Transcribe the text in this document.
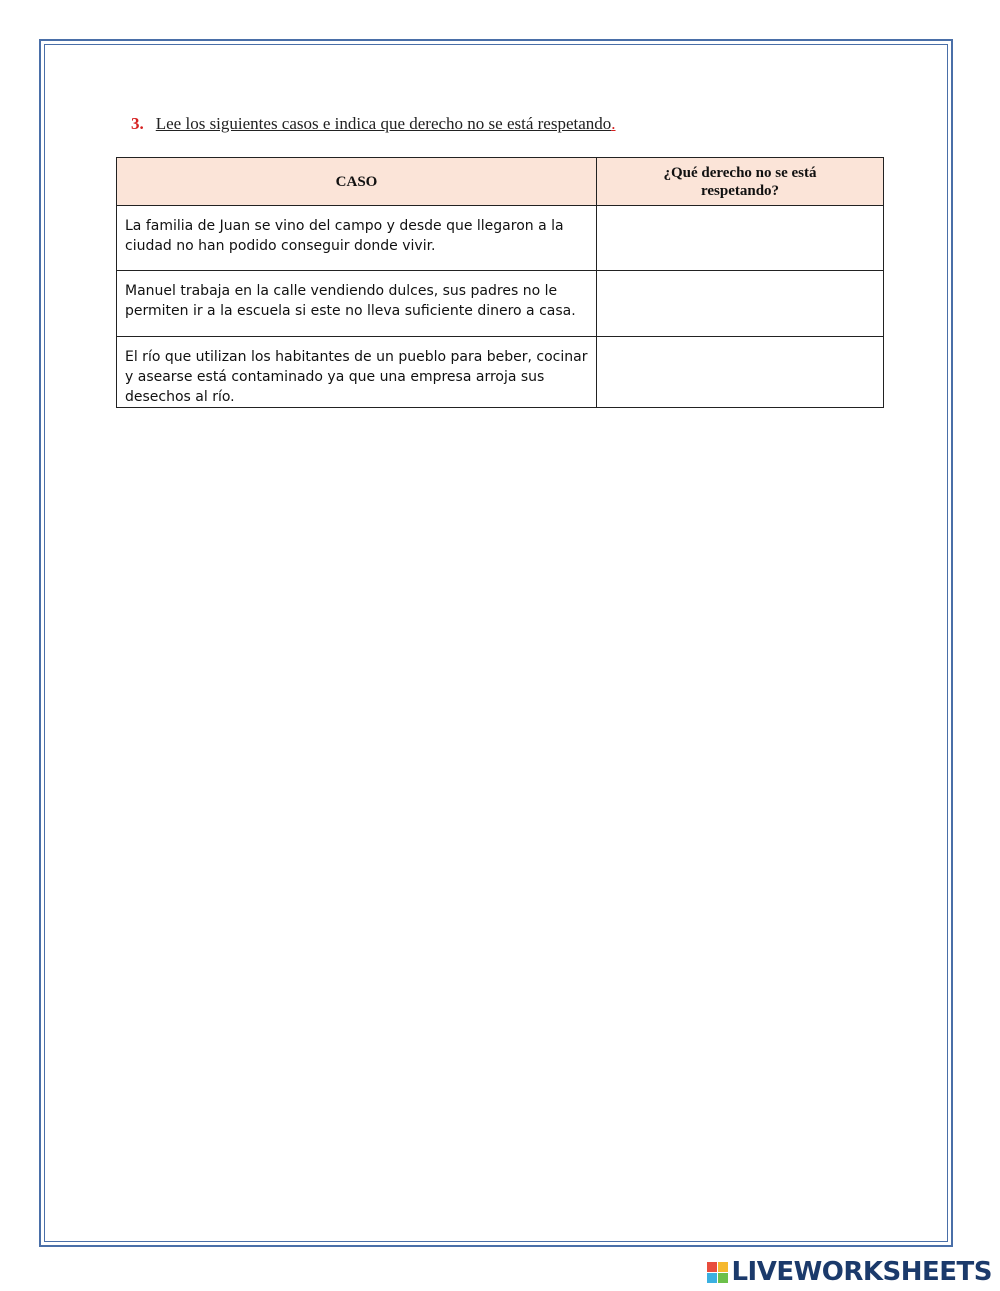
3. Lee los siguientes casos e indica que derecho no se está respetando.
CASO	¿Qué derecho no se está respetando?
La familia de Juan se vino del campo y desde que llegaron a la ciudad no han podido conseguir donde vivir.	
Manuel trabaja en la calle vendiendo dulces, sus padres no le permiten ir a la escuela si este no lleva suficiente dinero a casa.	
El río que utilizan los habitantes de un pueblo para beber, cocinar y asearse está contaminado ya que una empresa arroja sus desechos al río.	
LIVEWORKSHEETS
